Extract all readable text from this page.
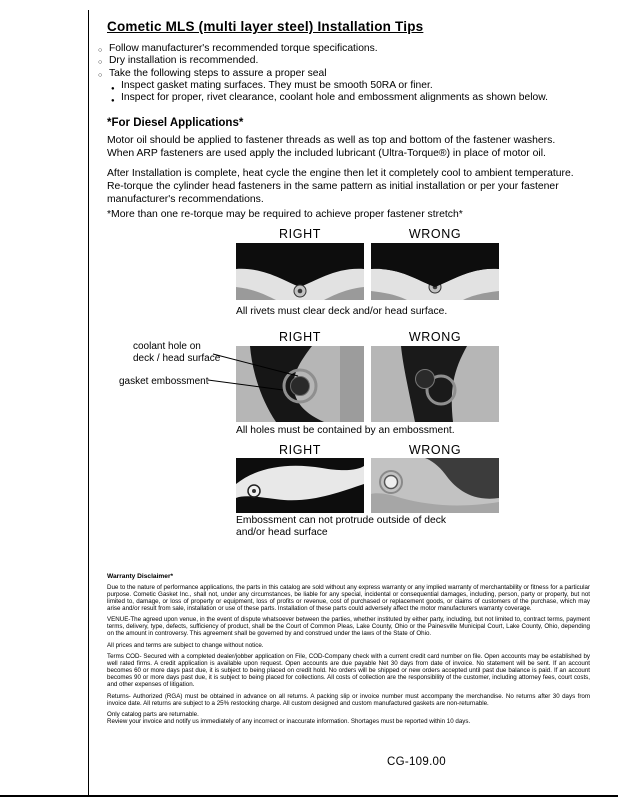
Cometic MLS (multi layer steel) Installation Tips
○ Follow manufacturer's recommended torque specifications.
○ Dry installation is recommended.
○ Take the following steps to assure a proper seal
● Inspect gasket mating surfaces. They must be smooth 50RA or finer.
● Inspect for proper, rivet clearance, coolant hole and embossment alignments as shown below.
*For Diesel Applications*
Motor oil should be applied to fastener threads as well as top and bottom of the fastener washers. When ARP fasteners are used apply the included lubricant (Ultra-Torque®) in place of motor oil.
After Installation is complete, heat cycle the engine then let it completely cool to ambient temperature. Re-torque the cylinder head fasteners in the same pattern as initial installation or per your fastener manufacturer's recommendations.
*More than one re-torque may be required to achieve proper fastener stretch*
RIGHT	WRONG
All rivets must clear deck and/or head surface.
RIGHT	WRONG
coolant hole on
deck / head surface
gasket embossment
All holes must be contained by an embossment.
RIGHT	WRONG
Embossment can not protrude outside of deck and/or head surface
Warranty Disclaimer*

Due to the nature of performance applications, the parts in this catalog are sold without any express warranty or any implied warranty of merchantability or fitness for a particular purpose. Cometic Gasket Inc., shall not, under any circumstances, be liable for any special, incidental or consequential damages, including, person, party or property, but not limited to, damage, or loss of property or equipment, loss of profits or revenue, cost of purchased or replacement goods, or claims of customers of the purchase, which may arise and/or result from sale, installation or use of these parts. Installation of these parts could adversely affect the motor manufacturers warranty coverage.

VENUE-The agreed upon venue, in the event of dispute whatsoever between the parties, whether instituted by either party, including, but not limited to, contract terms, payment terms, delivery, type, defects, sufficiency of product, shall be the Court of Common Pleas, Lake County, Ohio or the Painesville Municipal Court, Lake County, Ohio, depending on the amount in controversy. This agreement shall be governed by and construed under the laws of the State of Ohio.

All prices and terms are subject to change without notice.

Terms COD- Secured with a completed dealer/jobber application on File, COD-Company check with a current credit card number on file. Open accounts may be established by well rated firms. A credit application is available upon request. Open accounts are due payable Net 30 days from date of invoice. No statement will be sent. If an account becomes 60 or more days past due, it is subject to being placed on credit hold. No orders will be shipped or new orders accepted until past due balance is paid. If an account becomes 90 or more days past due, it is subject to being placed for collections. All costs of collection are the responsibility of the customer, including attorney fees, court costs, and other expenses of litigation.

Returns- Authorized (RGA) must be obtained in advance on all returns. A packing slip or invoice number must accompany the merchandise. No returns after 30 days from invoice date. All returns are subject to a 25% restocking charge. All custom designed and custom manufactured gaskets are non-returnable.

Only catalog parts are returnable.

Review your invoice and notify us immediately of any incorrect or inaccurate information. Shortages must be reported within 10 days.

CG-109.00
